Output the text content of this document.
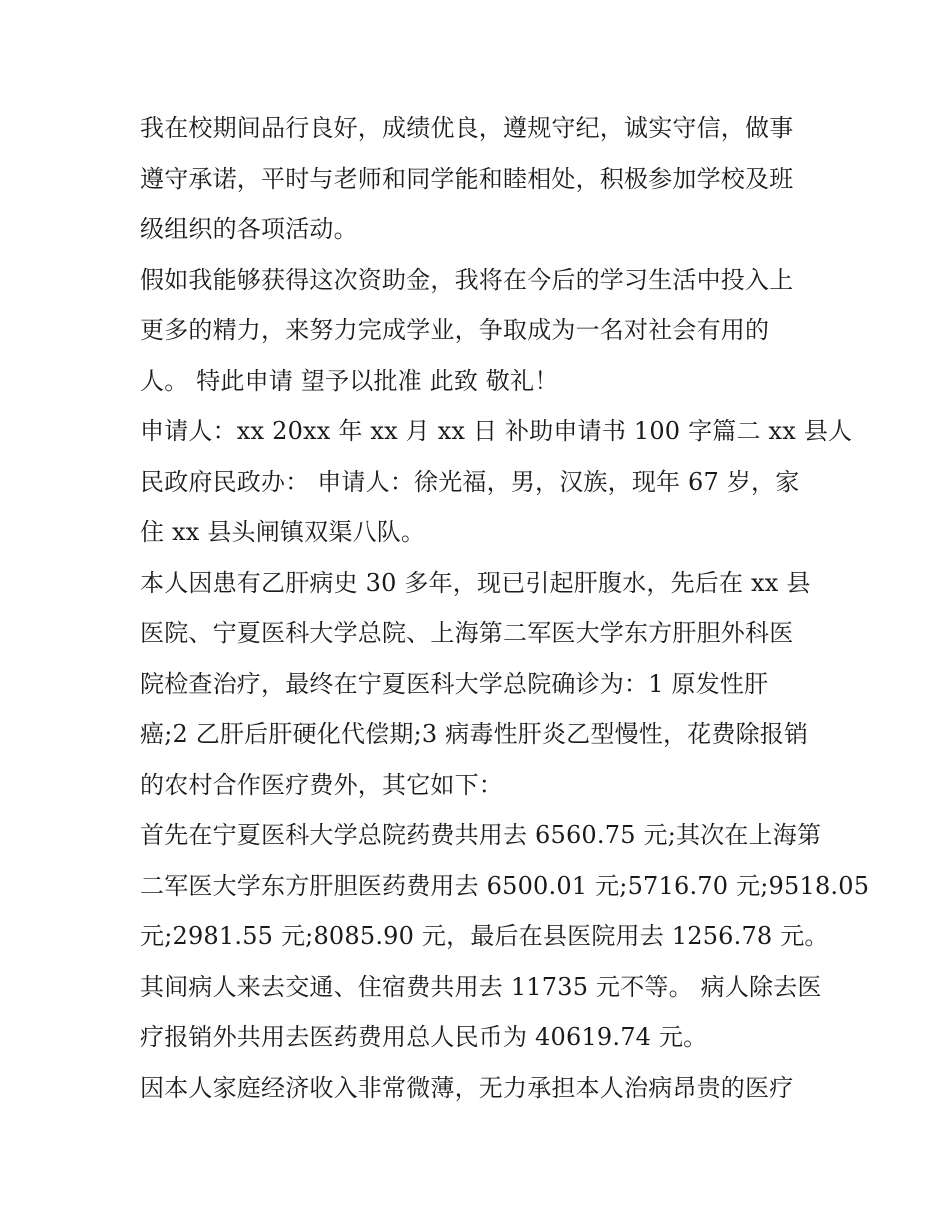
我在校期间品行良好，成绩优良，遵规守纪，诚实守信，做事
遵守承诺，平时与老师和同学能和睦相处，积极参加学校及班
级组织的各项活动。

假如我能够获得这次资助金，我将在今后的学习生活中投入上
更多的精力，来努力完成学业，争取成为一名对社会有用的
人。 特此申请 望予以批准 此致 敬礼！

申请人：xx 20xx 年 xx 月 xx 日 补助申请书 100 字篇二 xx 县人
民政府民政办： 申请人：徐光福，男，汉族，现年 67 岁，家
住 xx 县头闸镇双渠八队。

本人因患有乙肝病史 30 多年，现已引起肝腹水，先后在 xx 县
医院、宁夏医科大学总院、上海第二军医大学东方肝胆外科医
院检查治疗，最终在宁夏医科大学总院确诊为：1 原发性肝
癌;2 乙肝后肝硬化代偿期;3 病毒性肝炎乙型慢性，花费除报销
的农村合作医疗费外，其它如下：

首先在宁夏医科大学总院药费共用去 6560.75 元;其次在上海第
二军医大学东方肝胆医药费用去 6500.01 元;5716.70 元;9518.05
元;2981.55 元;8085.90 元，最后在县医院用去 1256.78 元。

其间病人来去交通、住宿费共用去 11735 元不等。 病人除去医
疗报销外共用去医药费用总人民币为 40619.74 元。

因本人家庭经济收入非常微薄，无力承担本人治病昂贵的医疗
